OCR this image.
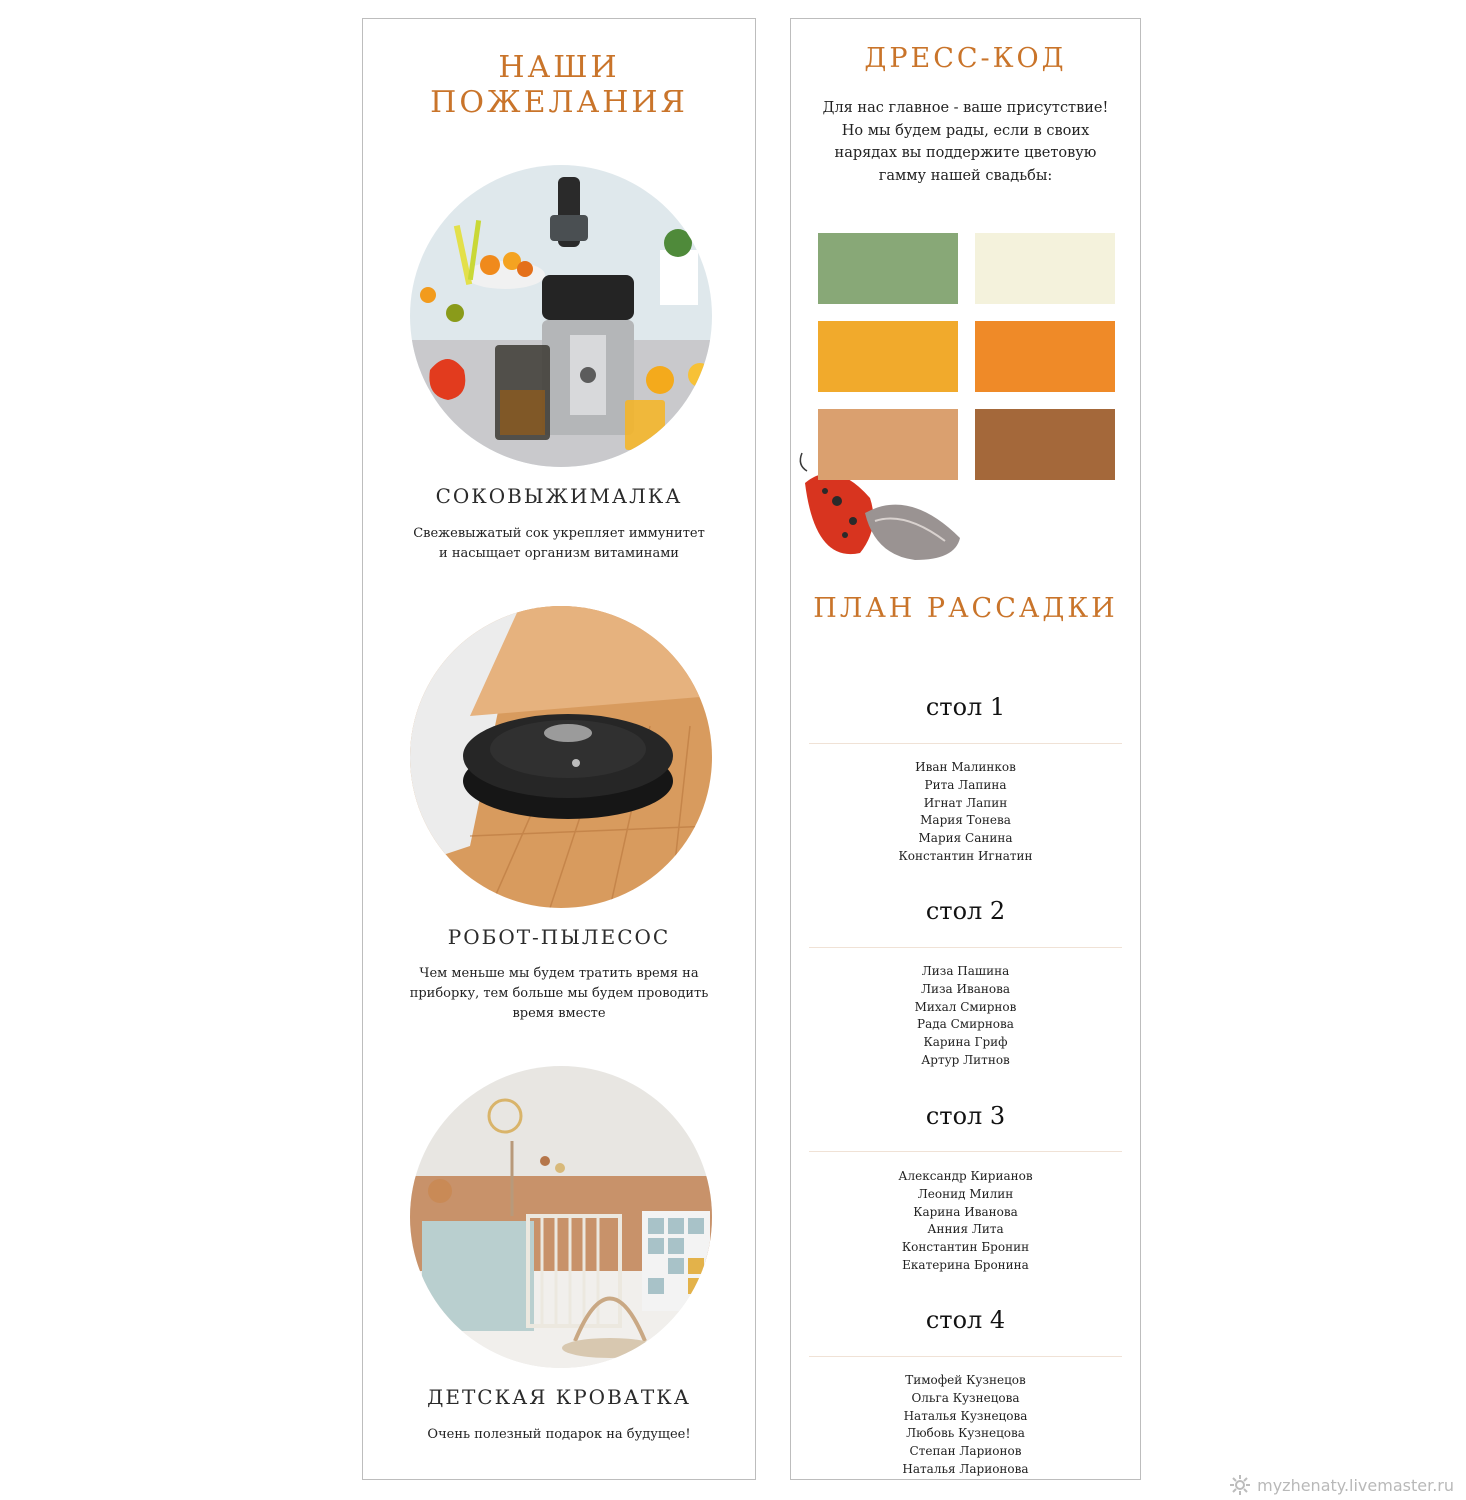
НАШИ
ПОЖЕЛАНИЯ
СОКОВЫЖИМАЛКА
Свежевыжатый сок укрепляет иммунитет и насыщает организм витаминами
РОБОТ-ПЫЛЕСОС
Чем меньше мы будем тратить время на приборку, тем больше мы будем проводить время вместе
ДЕТСКАЯ КРОВАТКА
Очень полезный подарок на будущее!
ДРЕСС-КОД
Для нас главное - ваше присутствие! Но мы будем рады, если в своих нарядах вы поддержите цветовую гамму нашей свадьбы:
ПЛАН РАССАДКИ
стол 1
Иван Малинков
Рита Лапина
Игнат Лапин
Мария Тонева
Мария Санина
Константин Игнатин
стол 2
Лиза Пашина
Лиза Иванова
Михал Смирнов
Рада Смирнова
Карина Гриф
Артур Литнов
стол 3
Александр Кирианов
Леонид Милин
Карина Иванова
Анния Лита
Константин Бронин
Екатерина Бронина
стол 4
Тимофей Кузнецов
Ольга Кузнецова
Наталья Кузнецова
Любовь Кузнецова
Степан Ларионов
Наталья Ларионова
myzhenaty.livemaster.ru
